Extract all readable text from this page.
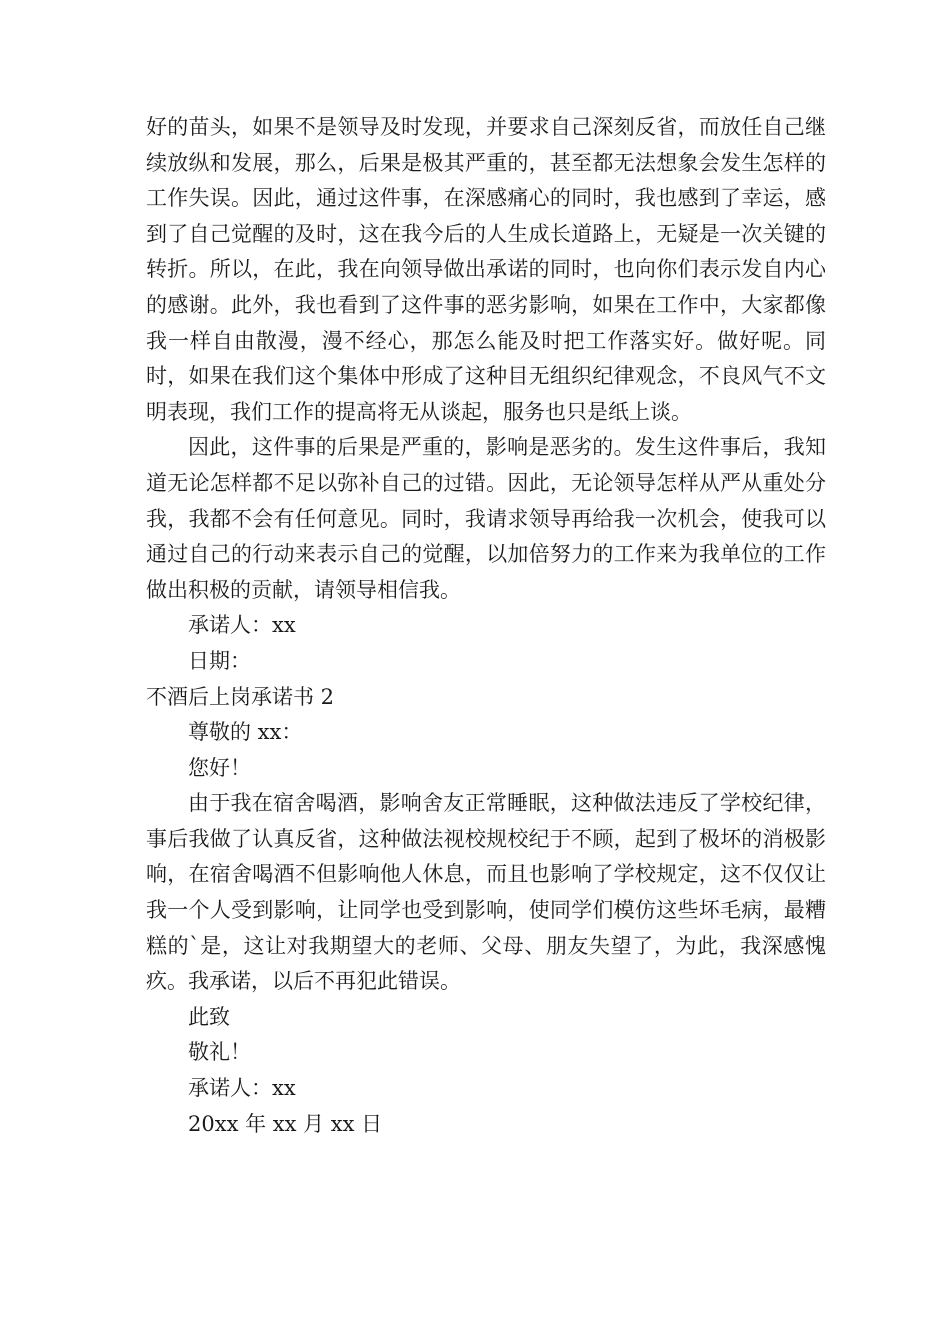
好的苗头，如果不是领导及时发现，并要求自己深刻反省，而放任自己继续放纵和发展，那么，后果是极其严重的，甚至都无法想象会发生怎样的工作失误。因此，通过这件事，在深感痛心的同时，我也感到了幸运，感到了自己觉醒的及时，这在我今后的人生成长道路上，无疑是一次关键的转折。所以，在此，我在向领导做出承诺的同时，也向你们表示发自内心的感谢。此外，我也看到了这件事的恶劣影响，如果在工作中，大家都像我一样自由散漫，漫不经心，那怎么能及时把工作落实好。做好呢。同时，如果在我们这个集体中形成了这种目无组织纪律观念，不良风气不文明表现，我们工作的提高将无从谈起，服务也只是纸上谈。

因此，这件事的后果是严重的，影响是恶劣的。发生这件事后，我知道无论怎样都不足以弥补自己的过错。因此，无论领导怎样从严从重处分我，我都不会有任何意见。同时，我请求领导再给我一次机会，使我可以通过自己的行动来表示自己的觉醒，以加倍努力的工作来为我单位的工作做出积极的贡献，请领导相信我。

承诺人：xx
日期：
不酒后上岗承诺书 2
尊敬的 xx：
您好！

由于我在宿舍喝酒，影响舍友正常睡眠，这种做法违反了学校纪律，事后我做了认真反省，这种做法视校规校纪于不顾，起到了极坏的消极影响，在宿舍喝酒不但影响他人休息，而且也影响了学校规定，这不仅仅让我一个人受到影响，让同学也受到影响，使同学们模仿这些坏毛病，最糟糕的`是，这让对我期望大的老师、父母、朋友失望了，为此，我深感愧疚。我承诺，以后不再犯此错误。

此致
敬礼！
承诺人：xx
20xx 年 xx 月 xx 日
